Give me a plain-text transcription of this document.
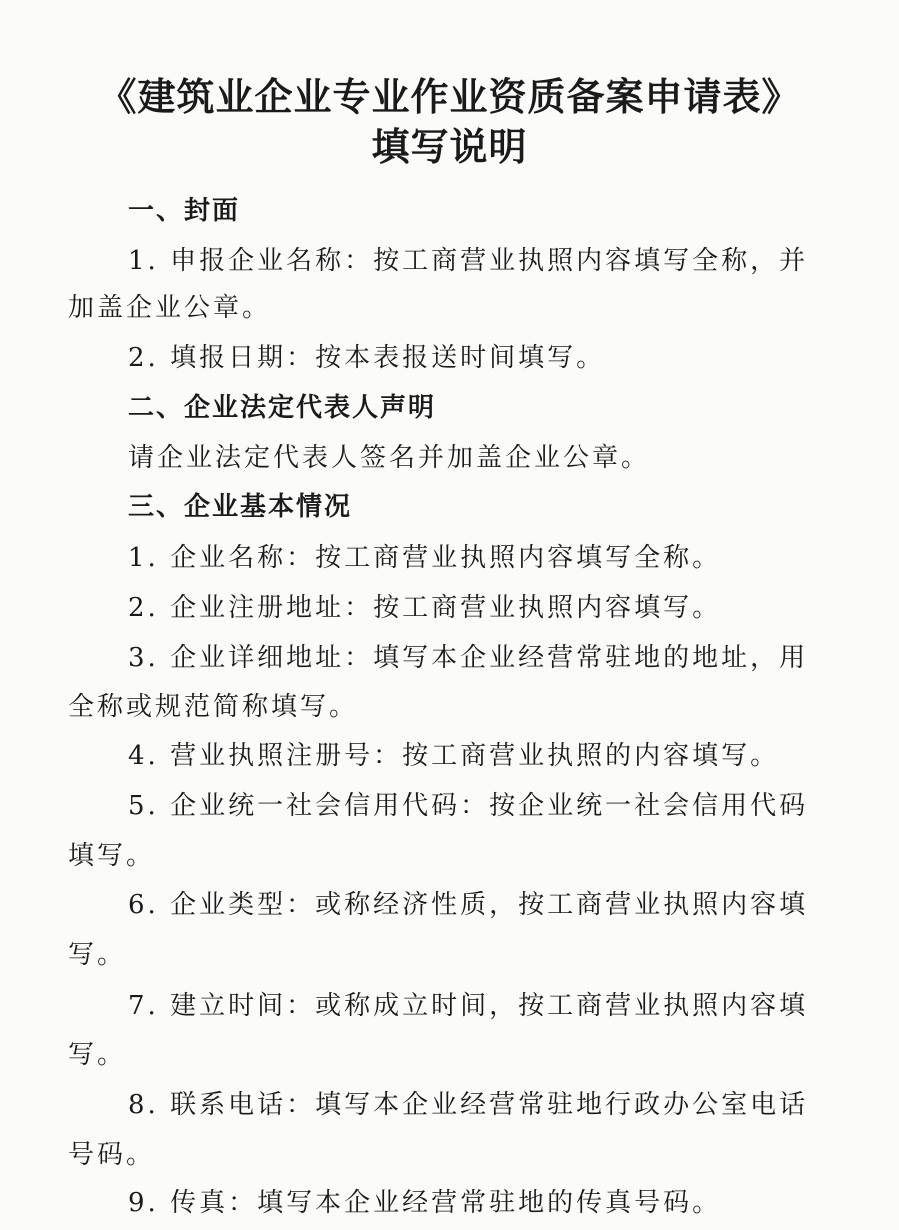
《建筑业企业专业作业资质备案申请表》
填写说明
一、封面
1. 申报企业名称：按工商营业执照内容填写全称，并
加盖企业公章。
2. 填报日期：按本表报送时间填写。
二、企业法定代表人声明
请企业法定代表人签名并加盖企业公章。
三、企业基本情况
1. 企业名称：按工商营业执照内容填写全称。
2. 企业注册地址：按工商营业执照内容填写。
3. 企业详细地址：填写本企业经营常驻地的地址，用
全称或规范简称填写。
4. 营业执照注册号：按工商营业执照的内容填写。
5. 企业统一社会信用代码：按企业统一社会信用代码
填写。
6. 企业类型：或称经济性质，按工商营业执照内容填
写。
7. 建立时间：或称成立时间，按工商营业执照内容填
写。
8. 联系电话：填写本企业经营常驻地行政办公室电话
号码。
9. 传真：填写本企业经营常驻地的传真号码。
